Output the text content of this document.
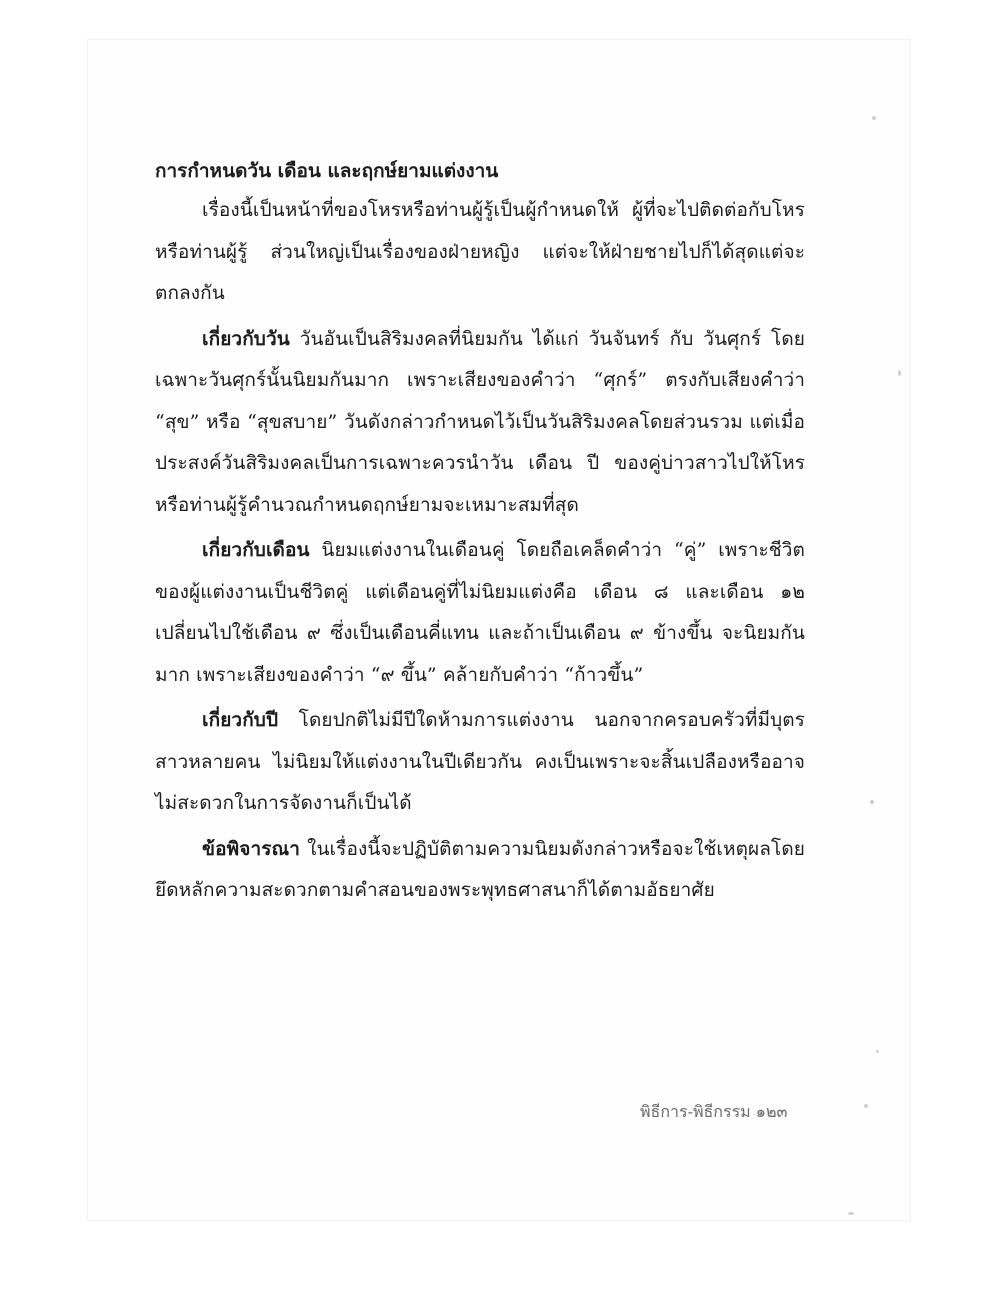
การกำหนดวัน เดือน และฤกษ์ยามแต่งงาน

เรื่องนี้เป็นหน้าที่ของโหรหรือท่านผู้รู้เป็นผู้กำหนดให้ ผู้ที่จะไปติดต่อกับโหรหรือท่านผู้รู้ ส่วนใหญ่เป็นเรื่องของฝ่ายหญิง แต่จะให้ฝ่ายชายไปก็ได้สุดแต่จะตกลงกัน

เกี่ยวกับวัน วันอันเป็นสิริมงคลที่นิยมกัน ได้แก่ วันจันทร์ กับ วันศุกร์ โดยเฉพาะวันศุกร์นั้นนิยมกันมาก เพราะเสียงของคำว่า “ศุกร์” ตรงกับเสียงคำว่า “สุข” หรือ “สุขสบาย” วันดังกล่าวกำหนดไว้เป็นวันสิริมงคลโดยส่วนรวม แต่เมื่อประสงค์วันสิริมงคลเป็นการเฉพาะควรนำวัน เดือน ปี ของคู่บ่าวสาวไปให้โหรหรือท่านผู้รู้คำนวณกำหนดฤกษ์ยามจะเหมาะสมที่สุด

เกี่ยวกับเดือน นิยมแต่งงานในเดือนคู่ โดยถือเคล็ดคำว่า “คู่” เพราะชีวิตของผู้แต่งงานเป็นชีวิตคู่ แต่เดือนคู่ที่ไม่นิยมแต่งคือ เดือน ๘ และเดือน ๑๒ เปลี่ยนไปใช้เดือน ๙ ซึ่งเป็นเดือนคี่แทน และถ้าเป็นเดือน ๙ ข้างขึ้น จะนิยมกันมาก เพราะเสียงของคำว่า “๙ ขึ้น” คล้ายกับคำว่า “ก้าวขึ้น”

เกี่ยวกับปี โดยปกติไม่มีปีใดห้ามการแต่งงาน นอกจากครอบครัวที่มีบุตรสาวหลายคน ไม่นิยมให้แต่งงานในปีเดียวกัน คงเป็นเพราะจะสิ้นเปลืองหรืออาจไม่สะดวกในการจัดงานก็เป็นได้

ข้อพิจารณา ในเรื่องนี้จะปฏิบัติตามความนิยมดังกล่าวหรือจะใช้เหตุผลโดยยึดหลักความสะดวกตามคำสอนของพระพุทธศาสนาก็ได้ตามอัธยาศัย

พิธีการ-พิธีกรรม ๑๒๓
